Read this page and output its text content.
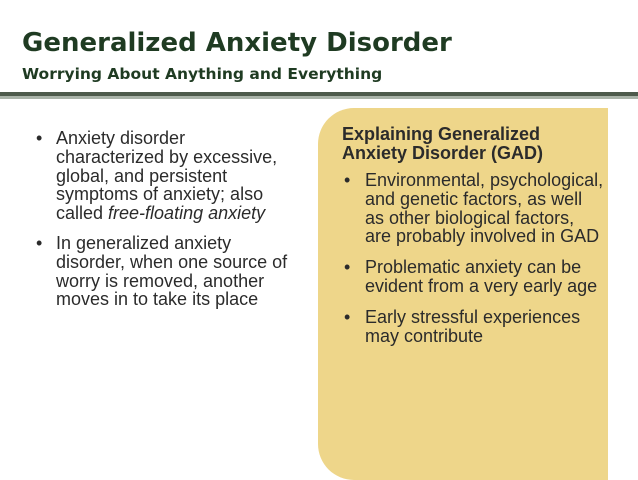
Generalized Anxiety Disorder
Worrying About Anything and Everything
• Anxiety disorder characterized by excessive, global, and persistent symptoms of anxiety; also called free-floating anxiety
• In generalized anxiety disorder, when one source of worry is removed, another moves in to take its place
Explaining Generalized Anxiety Disorder (GAD)
• Environmental, psychological, and genetic factors, as well as other biological factors, are probably involved in GAD
• Problematic anxiety can be evident from a very early age
• Early stressful experiences may contribute
